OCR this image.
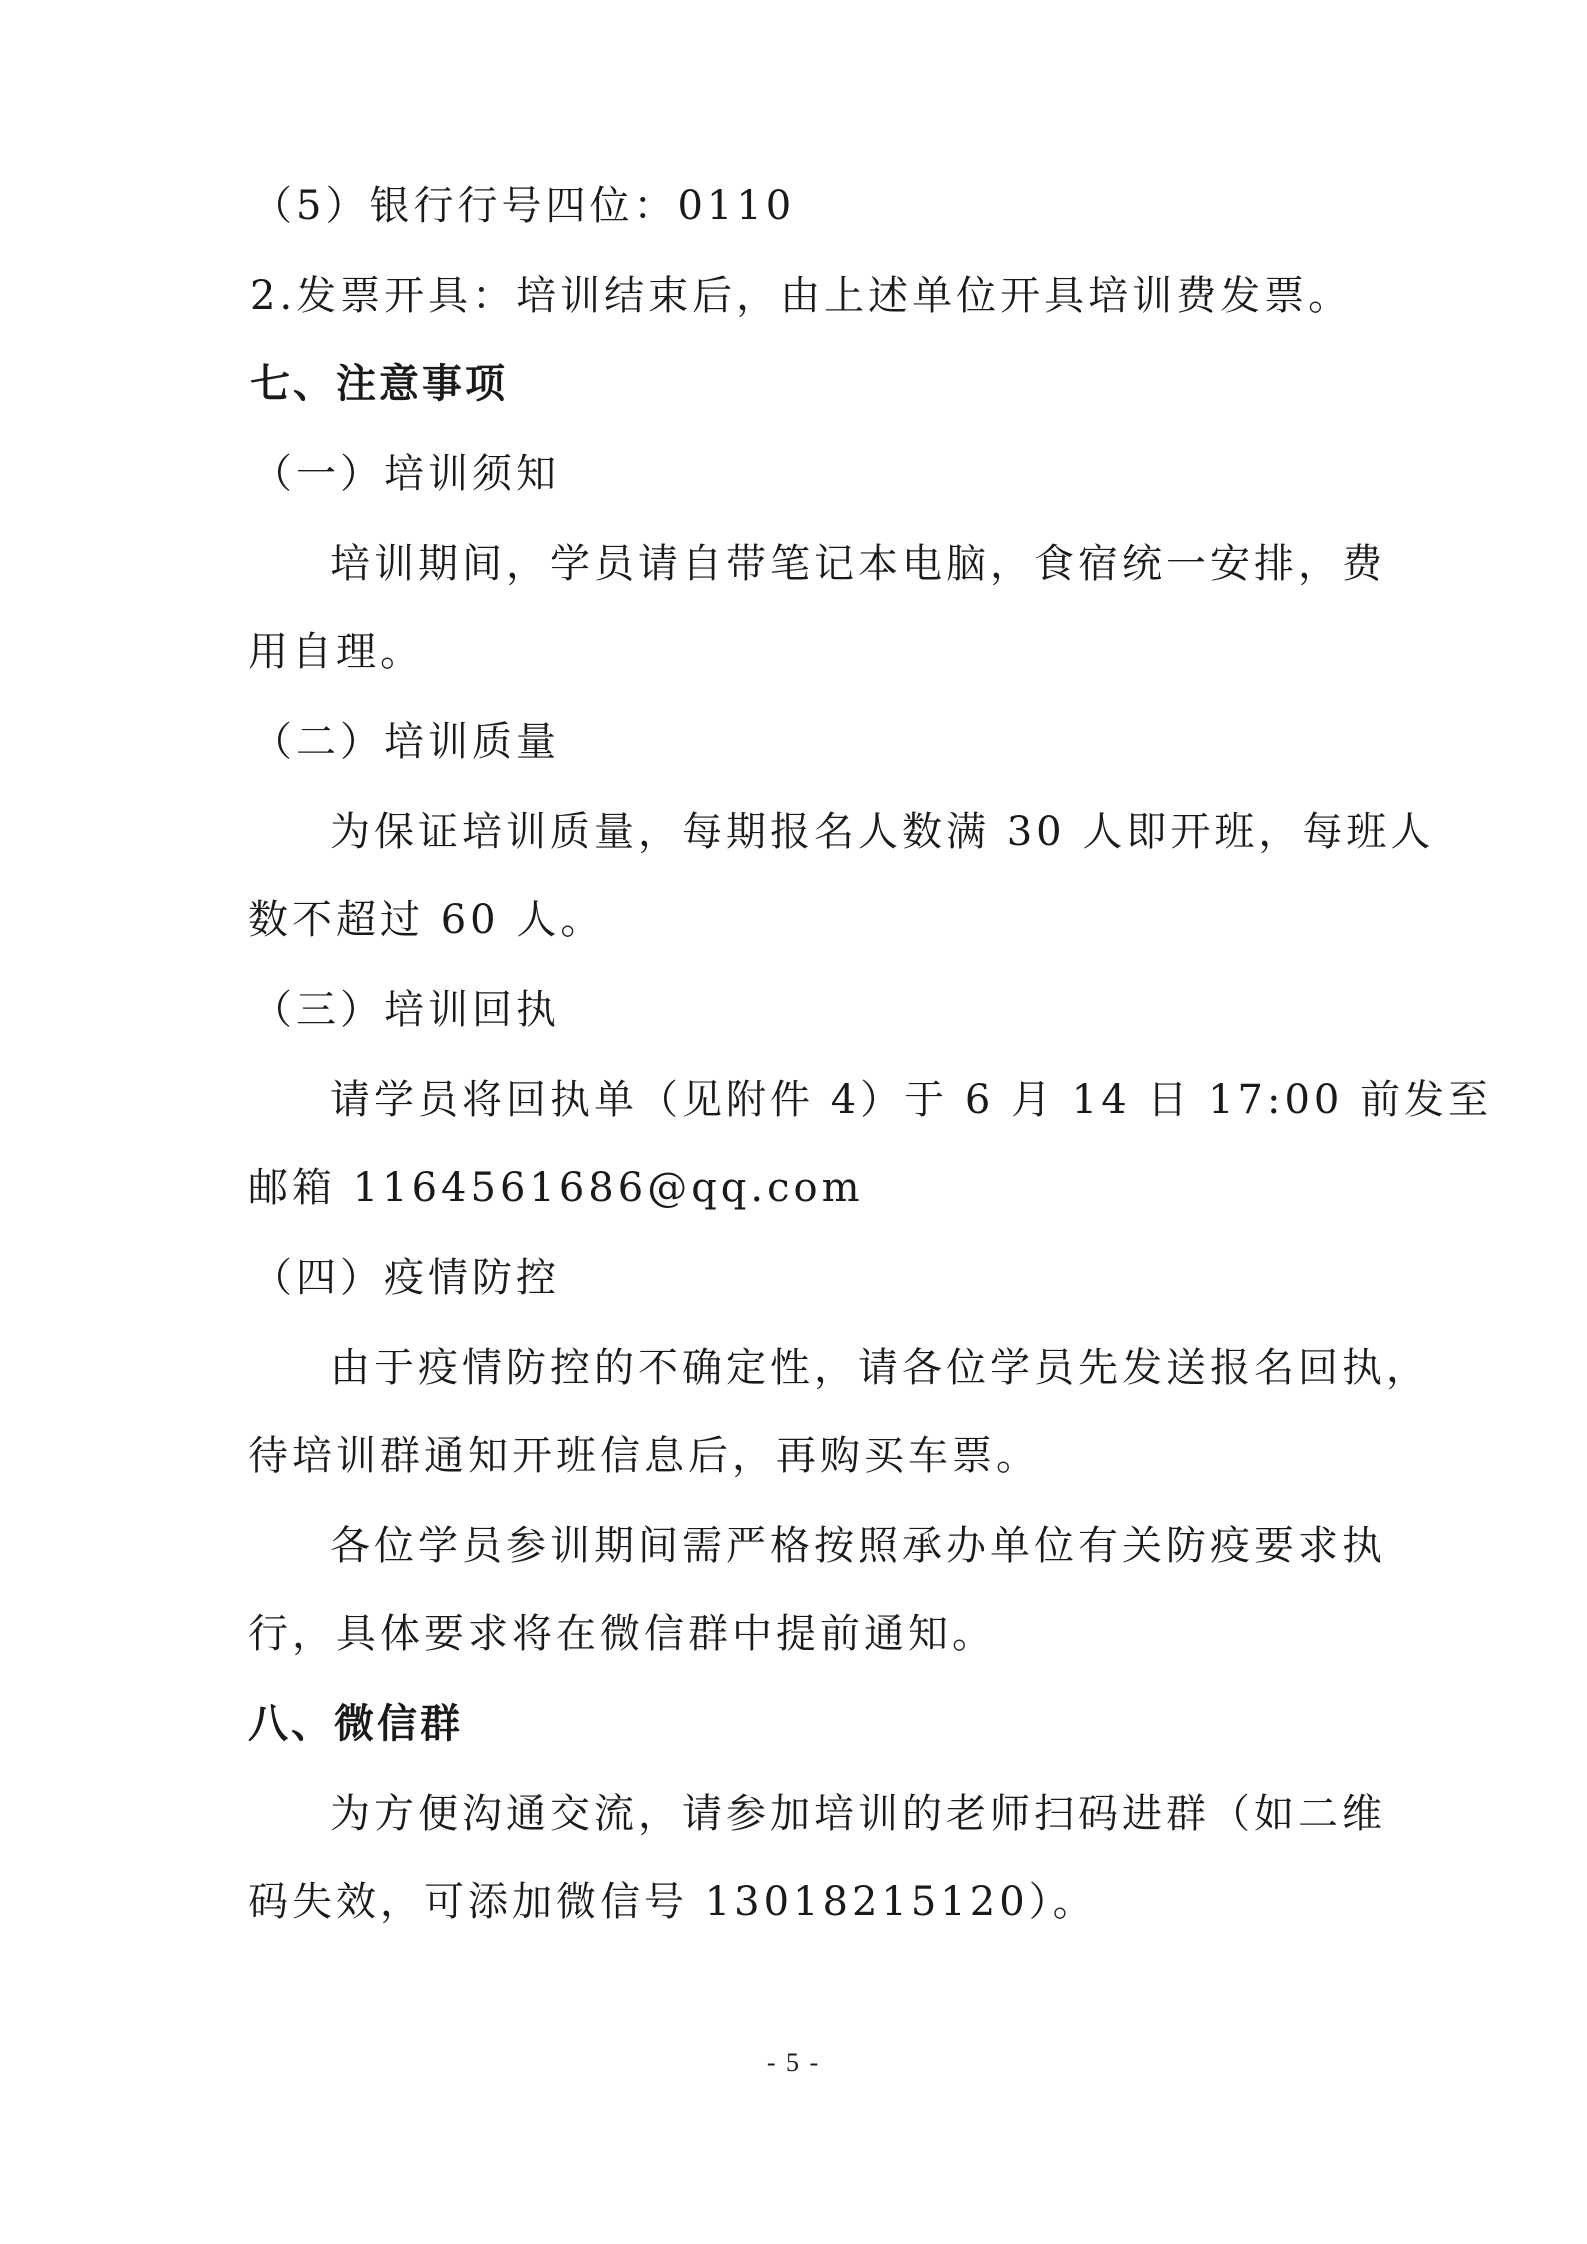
（5）银行行号四位：0110
2.发票开具：培训结束后，由上述单位开具培训费发票。
七、注意事项
（一）培训须知
培训期间，学员请自带笔记本电脑，食宿统一安排，费
用自理。
（二）培训质量
为保证培训质量，每期报名人数满 30 人即开班，每班人
数不超过 60 人。
（三）培训回执
请学员将回执单（见附件 4）于 6 月 14 日 17:00 前发至
邮箱 1164561686@qq.com
（四）疫情防控
由于疫情防控的不确定性，请各位学员先发送报名回执，
待培训群通知开班信息后，再购买车票。
各位学员参训期间需严格按照承办单位有关防疫要求执
行，具体要求将在微信群中提前通知。
八、微信群
为方便沟通交流，请参加培训的老师扫码进群（如二维
码失效，可添加微信号 13018215120）。
- 5 -
